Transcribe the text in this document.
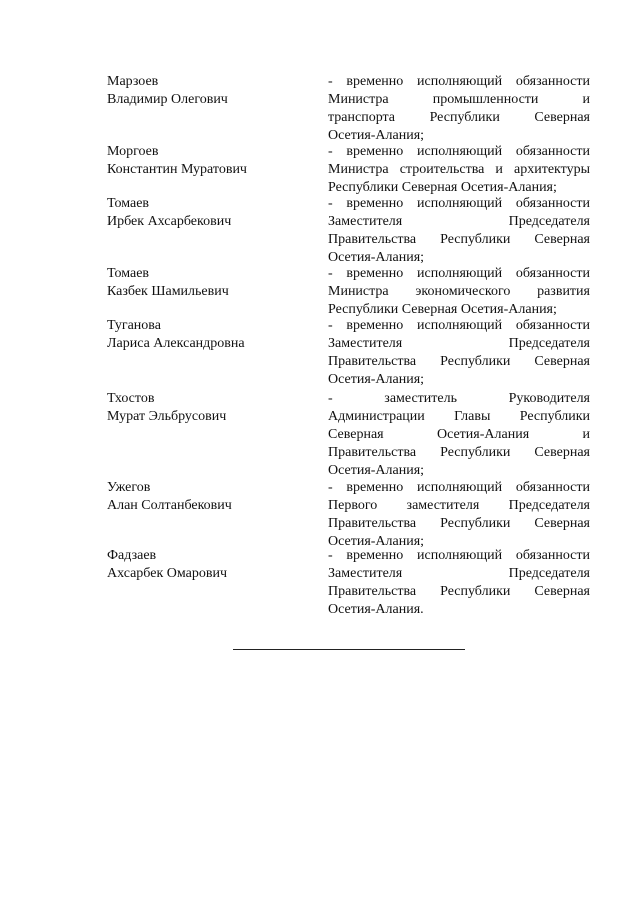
Марзоев
Владимир Олегович
- временно исполняющий обязанности
Министра промышленности и
транспорта Республики Северная
Осетия-Алания;
Моргоев
Константин Муратович
- временно исполняющий обязанности
Министра строительства и архитектуры
Республики Северная Осетия-Алания;
Томаев
Ирбек Ахсарбекович
- временно исполняющий обязанности
Заместителя Председателя
Правительства Республики Северная
Осетия-Алания;
Томаев
Казбек Шамильевич
- временно исполняющий обязанности
Министра экономического развития
Республики Северная Осетия-Алания;
Туганова
Лариса Александровна
- временно исполняющий обязанности
Заместителя Председателя
Правительства Республики Северная
Осетия-Алания;
Тхостов
Мурат Эльбрусович
- заместитель Руководителя
Администрации Главы Республики
Северная Осетия-Алания и
Правительства Республики Северная
Осетия-Алания;
Ужегов
Алан Солтанбекович
- временно исполняющий обязанности
Первого заместителя Председателя
Правительства Республики Северная
Осетия-Алания;
Фадзаев
Ахсарбек Омарович
- временно исполняющий обязанности
Заместителя Председателя
Правительства Республики Северная
Осетия-Алания.
